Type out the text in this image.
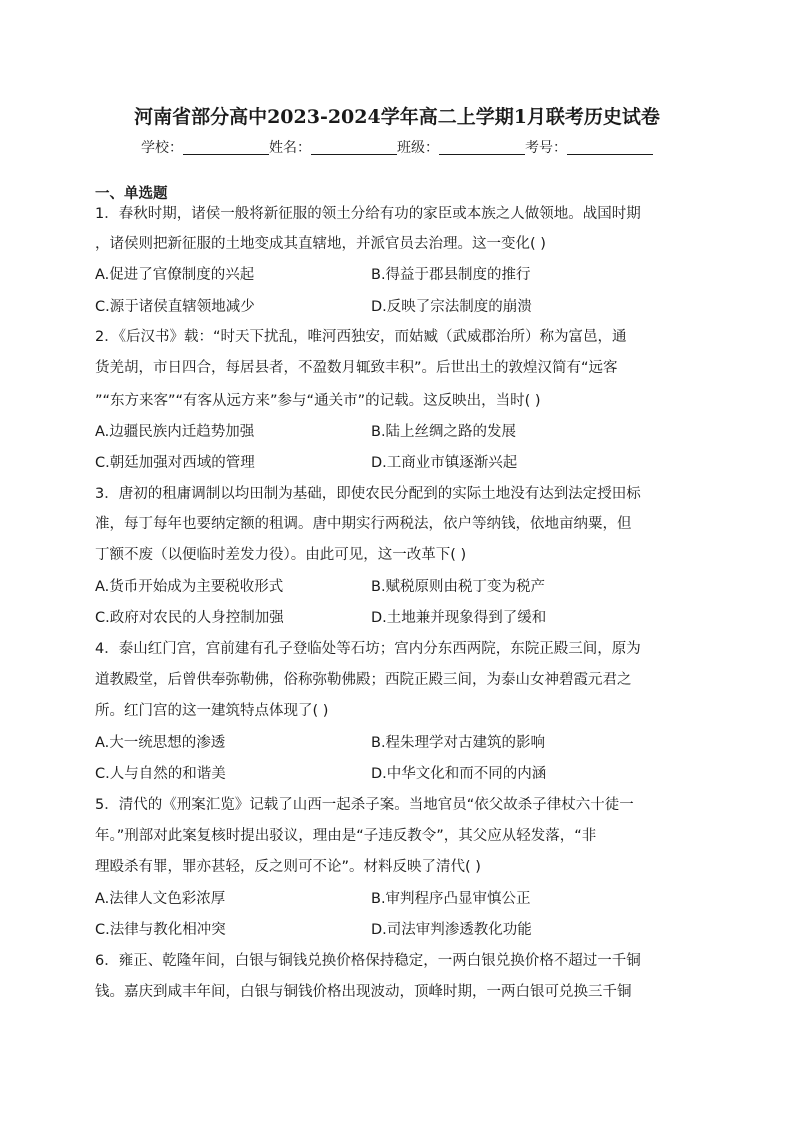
河南省部分高中2023-2024学年高二上学期1月联考历史试卷
学校：	姓名：	班级：	考号：
一、单选题
1．春秋时期，诸侯一般将新征服的领土分给有功的家臣或本族之人做领地。战国时期
，诸侯则把新征服的土地变成其直辖地，并派官员去治理。这一变化( )
A.促进了官僚制度的兴起	B.得益于郡县制度的推行
C.源于诸侯直辖领地减少	D.反映了宗法制度的崩溃
2．《后汉书》载：“时天下扰乱，唯河西独安，而姑臧（武威郡治所）称为富邑，通
货羌胡，市日四合，每居县者，不盈数月辄致丰积”。后世出土的敦煌汉简有“远客
”“东方来客”“有客从远方来”参与“通关市”的记载。这反映出，当时( )
A.边疆民族内迁趋势加强	B.陆上丝绸之路的发展
C.朝廷加强对西域的管理	D.工商业市镇逐渐兴起
3．唐初的租庸调制以均田制为基础，即使农民分配到的实际土地没有达到法定授田标
准，每丁每年也要纳定额的租调。唐中期实行两税法，依户等纳钱，依地亩纳粟，但
丁额不废（以便临时差发力役）。由此可见，这一改革下( )
A.货币开始成为主要税收形式	B.赋税原则由税丁变为税产
C.政府对农民的人身控制加强	D.土地兼并现象得到了缓和
4．泰山红门宫，宫前建有孔子登临处等石坊；宫内分东西两院，东院正殿三间，原为
道教殿堂，后曾供奉弥勒佛，俗称弥勒佛殿；西院正殿三间，为泰山女神碧霞元君之
所。红门宫的这一建筑特点体现了( )
A.大一统思想的渗透	B.程朱理学对古建筑的影响
C.人与自然的和谐美	D.中华文化和而不同的内涵
5．清代的《刑案汇览》记载了山西一起杀子案。当地官员“依父故杀子律杖六十徒一
年。”刑部对此案复核时提出驳议，理由是“子违反教令”，其父应从轻发落，“非
理殴杀有罪，罪亦甚轻，反之则可不论”。材料反映了清代( )
A.法律人文色彩浓厚	B.审判程序凸显审慎公正
C.法律与教化相冲突	D.司法审判渗透教化功能
6．雍正、乾隆年间，白银与铜钱兑换价格保持稳定，一两白银兑换价格不超过一千铜
钱。嘉庆到咸丰年间，白银与铜钱价格出现波动，顶峰时期，一两白银可兑换三千铜
